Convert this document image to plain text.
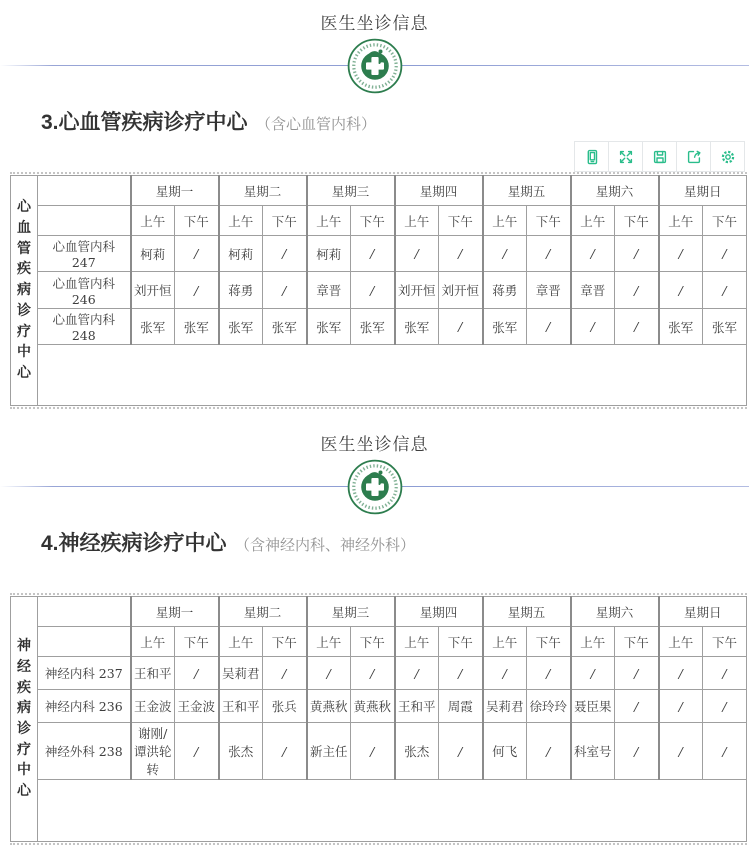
医生坐诊信息
3.心血管疾病诊疗中心 （含心血管内科）
心血管疾病诊疗中心		星期一		星期二		星期三		星期四		星期五		星期六		星期日	
		上午	下午	上午	下午	上午	下午	上午	下午	上午	下午	上午	下午	上午	下午
	心血管内科 247	柯莉	/	柯莉	/	柯莉	/	/	/	/	/	/	/	/	/
	心血管内科 246	刘开恒	/	蒋勇	/	章晋	/	刘开恒	刘开恒	蒋勇	章晋	章晋	/	/	/
	心血管内科 248	张军	张军	张军	张军	张军	张军	张军	/	张军	/	/	/	张军	张军

医生坐诊信息
4.神经疾病诊疗中心 （含神经内科、神经外科）
神经疾病诊疗中心		星期一		星期二		星期三		星期四		星期五		星期六		星期日	
		上午	下午	上午	下午	上午	下午	上午	下午	上午	下午	上午	下午	上午	下午
	神经内科 237	王和平	/	吴莉君	/	/	/	/	/	/	/	/	/	/	/
	神经内科 236	王金波	王金波	王和平	张兵	黄燕秋	黄燕秋	王和平	周霞	吴莉君	徐玲玲	聂臣果	/	/	/
	神经外科 238	谢刚/谭洪轮转	/	张杰	/	新主任	/	张杰	/	何飞	/	科室号	/	/	/
